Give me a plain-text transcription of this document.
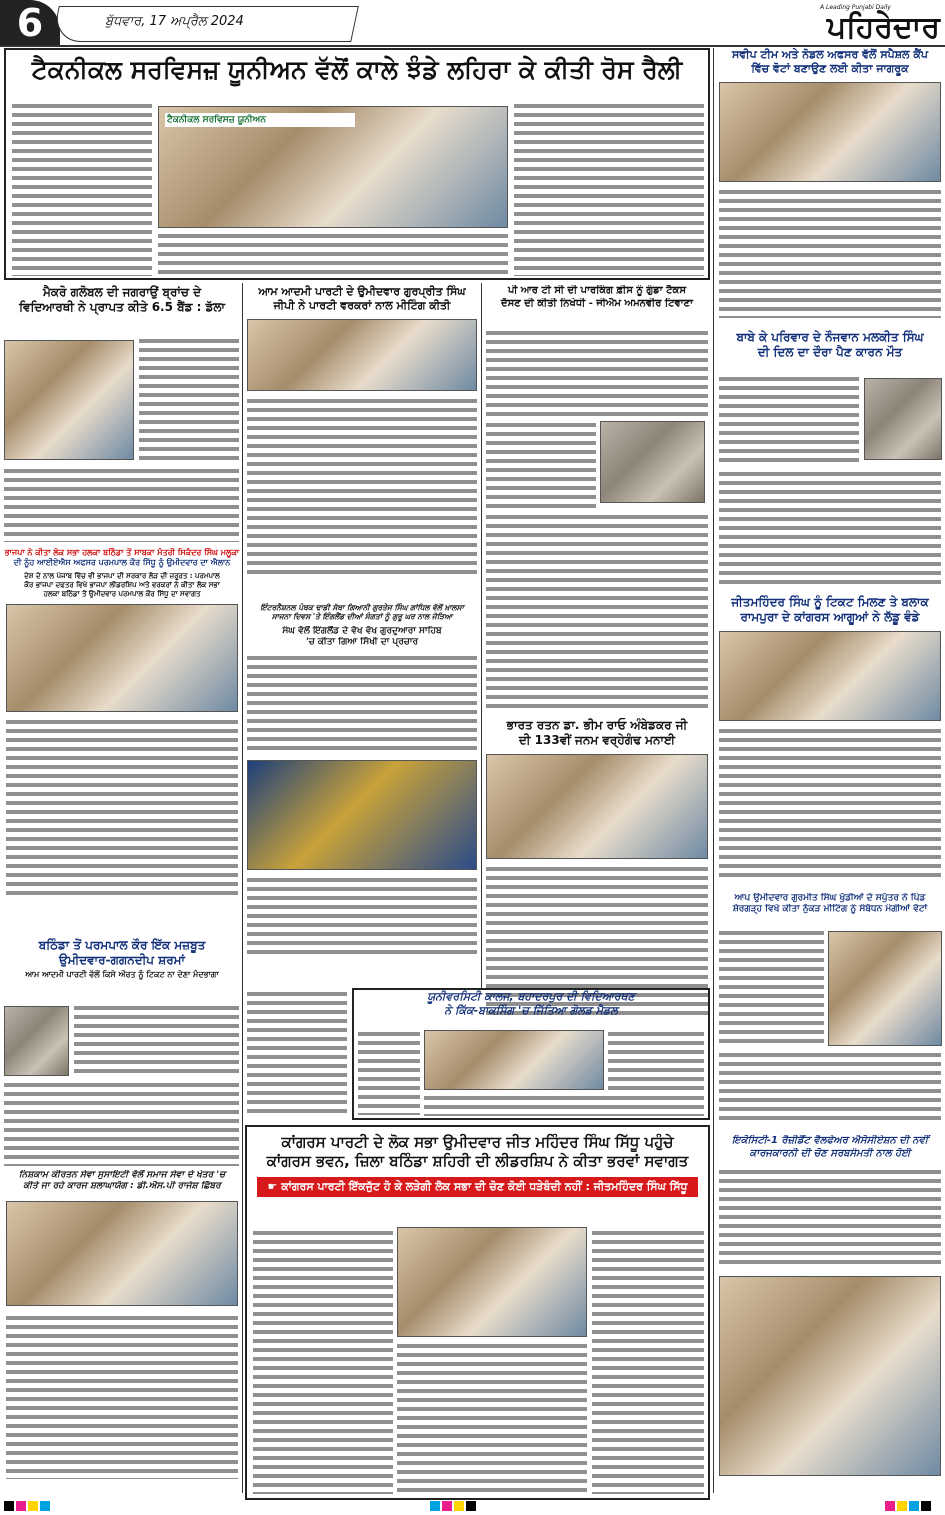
6	ਬੁੱਧਵਾਰ, 17 ਅਪ੍ਰੈਲ 2024
A Leading Punjabi Daily
ਪਹਿਰੇਦਾਰ
ਟੈਕਨੀਕਲ ਸਰਵਿਸਜ਼ ਯੂਨੀਅਨ ਵੱਲੋਂ ਕਾਲੇ ਝੰਡੇ ਲਹਿਰਾ ਕੇ ਕੀਤੀ ਰੋਸ ਰੈਲੀ
ਟੈਕਨੀਕਲ ਸਰਵਿਸਜ਼ ਯੂਨੀਅਨ
ਸਵੀਪ ਟੀਮ ਅਤੇ ਨੋਡਲ ਅਫਸਰ ਵੱਲੋਂ ਸਪੈਸ਼ਲ ਕੈਂਪ
ਵਿੱਚ ਵੋਟਾਂ ਬਣਾਉਣ ਲਈ ਕੀਤਾ ਜਾਗਰੂਕ
ਬਾਬੇ ਕੇ ਪਰਿਵਾਰ ਦੇ ਨੌਜਵਾਨ ਮਲਕੀਤ ਸਿੰਘ
ਦੀ ਦਿਲ ਦਾ ਦੌਰਾ ਪੈਣ ਕਾਰਨ ਮੌਤ
ਜੀਤਮਹਿੰਦਰ ਸਿੰਘ ਨੂੰ ਟਿਕਟ ਮਿਲਣ ਤੇ ਬਲਾਕ
ਰਾਮਪੁਰਾ ਦੇ ਕਾਂਗਰਸ ਆਗੂਆਂ ਨੇ ਲੱਡੂ ਵੰਡੇ
ਆਪ ਉਮੀਦਵਾਰ ਗੁਰਮੀਤ ਸਿੰਘ ਖੁੱਡੀਆਂ ਦੇ ਸਪੁੱਤਰ ਨੇ ਪਿੰਡ
ਸ਼ੇਰਗੜ੍ਹ ਵਿਖੇ ਕੀਤਾ ਨੁੱਕੜ ਮੀਟਿੰਗ ਨੂੰ ਸੰਬੋਧਨ ਮੰਗੀਆਂ ਵੋਟਾਂ
ਇਕੋਸਿਟੀ-1 ਰੈਜ਼ੀਡੈਂਟ ਵੈਲਫੇਅਰ ਐਸੋਸੀਏਸ਼ਨ ਦੀ ਨਵੀਂ
ਕਾਰਜਕਾਰਨੀ ਦੀ ਚੋਣ ਸਰਬਸੰਮਤੀ ਨਾਲ ਹੋਈ
ਮੈਕਰੋ ਗਲੋਬਲ ਦੀ ਜਗਰਾਉਂ ਬ੍ਰਾਂਚ ਦੇ
ਵਿਦਿਆਰਥੀ ਨੇ ਪ੍ਰਾਪਤ ਕੀਤੇ 6.5 ਬੈਂਡ : ਡੱਲਾ
ਭਾਜਪਾ ਨੇ ਕੀਤਾ ਲੋਕ ਸਭਾ ਹਲਕਾ ਬਠਿੰਡਾ ਤੋਂ ਸਾਬਕਾ ਮੰਤਰੀ ਸਿਕੰਦਰ ਸਿੰਘ ਮਲੂਕਾ
ਦੀ ਨੂੰਹ ਆਈਏਐਸ ਅਫਸਰ ਪਰਮਪਾਲ ਕੌਰ ਸਿੱਧੂ ਨੂੰ ਉਮੀਦਵਾਰ ਦਾ ਐਲਾਨ
ਦੇਸ਼ ਦੇ ਨਾਲ ਪੰਜਾਬ ਵਿੱਚ ਵੀ ਭਾਜਪਾ ਦੀ ਸਰਕਾਰ ਲੋੜ ਦੀ ਜ਼ਰੂਰਤ : ਪਰਮਪਾਲ
ਕੌਰ ਭਾਜਪਾ ਦਫਤਰ ਵਿਖੇ ਭਾਜਪਾ ਲੀਡਰਸ਼ਿਪ ਅਤੇ ਵਰਕਰਾਂ ਨੇ ਕੀਤਾ ਲੋਕ ਸਭਾ
ਹਲਕਾ ਬਠਿੰਡਾ ਤੋਂ ਉਮੀਦਵਾਰ ਪਰਮਪਾਲ ਕੌਰ ਸਿੱਧੂ ਦਾ ਸਵਾਗਤ
ਬਠਿੰਡਾ ਤੋਂ ਪਰਮਪਾਲ ਕੌਰ ਇੱਕ ਮਜ਼ਬੂਤ
ਉਮੀਦਵਾਰ-ਗਗਨਦੀਪ ਸ਼ਰਮਾਂ
ਆਮ ਆਦਮੀ ਪਾਰਟੀ ਵੱਲੋਂ ਕਿਸੇ ਔਰਤ ਨੂੰ ਟਿਕਟ ਨਾ ਦੇਣਾ ਮੰਦਭਾਗਾ
ਨਿਸ਼ਕਾਮ ਕੀਰਤਨ ਸੇਵਾ ਸੁਸਾਇਟੀ ਵੱਲੋਂ ਸਮਾਜ ਸੇਵਾ ਦੇ ਖੇਤਰ 'ਚ
ਕੀਤੇ ਜਾ ਰਹੇ ਕਾਰਜ ਸ਼ਲਾਘਾਯੋਗ : ਡੀ.ਐਸ.ਪੀ ਰਾਜੇਸ਼ ਛਿੱਬਰ
ਆਮ ਆਦਮੀ ਪਾਰਟੀ ਦੇ ਉਮੀਦਵਾਰ ਗੁਰਪ੍ਰੀਤ ਸਿੰਘ
ਜੀਪੀ ਨੇ ਪਾਰਟੀ ਵਰਕਰਾਂ ਨਾਲ ਮੀਟਿੰਗ ਕੀਤੀ
ਇੰਟਰਨੈਸ਼ਨਲ ਪੰਥਕ ਢਾਡੀ ਸੱਥਾ ਗਿਆਨੀ ਗੁਰਤੇਜ ਸਿੰਘ ਗਾਂਧਿਲ ਵੱਲੋਂ ਖ਼ਾਲਸਾ
ਸਾਜਨਾ ਦਿਵਸ 'ਤੇ ਇੰਗਲੈਂਡ ਦੀਆਂ ਸੰਗਤਾਂ ਨੂੰ ਗੁਰੂ ਘਰ ਨਾਲ ਜੋੜਿਆ
ਸੰਘ ਵੱਲੋਂ ਇੰਗਲੈਂਡ ਦੇ ਵੱਖ ਵੱਖ ਗੁਰਦੁਆਰਾ ਸਾਹਿਬ
'ਚ ਕੀਤਾ ਗਿਆ ਸਿੱਖੀ ਦਾ ਪ੍ਰਚਾਰ
ਪੀ ਆਰ ਟੀ ਸੀ ਦੀ ਪਾਰਕਿੰਗ ਫ਼ੀਸ ਨੂੰ ਗੁੰਡਾ ਟੈਕਸ
ਦੱਸਣ ਦੀ ਕੀਤੀ ਨਿਖੇਧੀ - ਜੀਐਮ ਅਮਨਵੀਰ ਟਿਵਾਣਾ
ਭਾਰਤ ਰਤਨ ਡਾ. ਭੀਮ ਰਾਓ ਅੰਬੇਡਕਰ ਜੀ
ਦੀ 133ਵੀਂ ਜਨਮ ਵਰ੍ਹੇਗੰਢ ਮਨਾਈ
ਯੂਨੀਵਰਸਿਟੀ ਕਾਲਜ, ਬਹਾਦਰਪੁਰ ਦੀ ਵਿਦਿਆਰਥਣ
ਨੇ ਕਿੱਕ-ਬਾਕਸਿੰਗ 'ਚ ਜਿੱਤਿਆ ਗੋਲਡ ਮੈਡਲ
ਕਾਂਗਰਸ ਪਾਰਟੀ ਦੇ ਲੋਕ ਸਭਾ ਉਮੀਦਵਾਰ ਜੀਤ ਮਹਿੰਦਰ ਸਿੰਘ ਸਿੱਧੂ ਪਹੁੰਚੇ
ਕਾਂਗਰਸ ਭਵਨ, ਜ਼ਿਲਾ ਬਠਿੰਡਾ ਸ਼ਹਿਰੀ ਦੀ ਲੀਡਰਸ਼ਿਪ ਨੇ ਕੀਤਾ ਭਰਵਾਂ ਸਵਾਗਤ
☛ ਕਾਂਗਰਸ ਪਾਰਟੀ ਇੱਕਜੁੱਟ ਹੋ ਕੇ ਲੜੇਗੀ ਲੋਕ ਸਭਾ ਦੀ ਚੋਣ ਕੋਈ ਧੜੇਬੰਦੀ ਨਹੀਂ : ਜੀਤਮਹਿੰਦਰ ਸਿੰਘ ਸਿੱਧੂ
